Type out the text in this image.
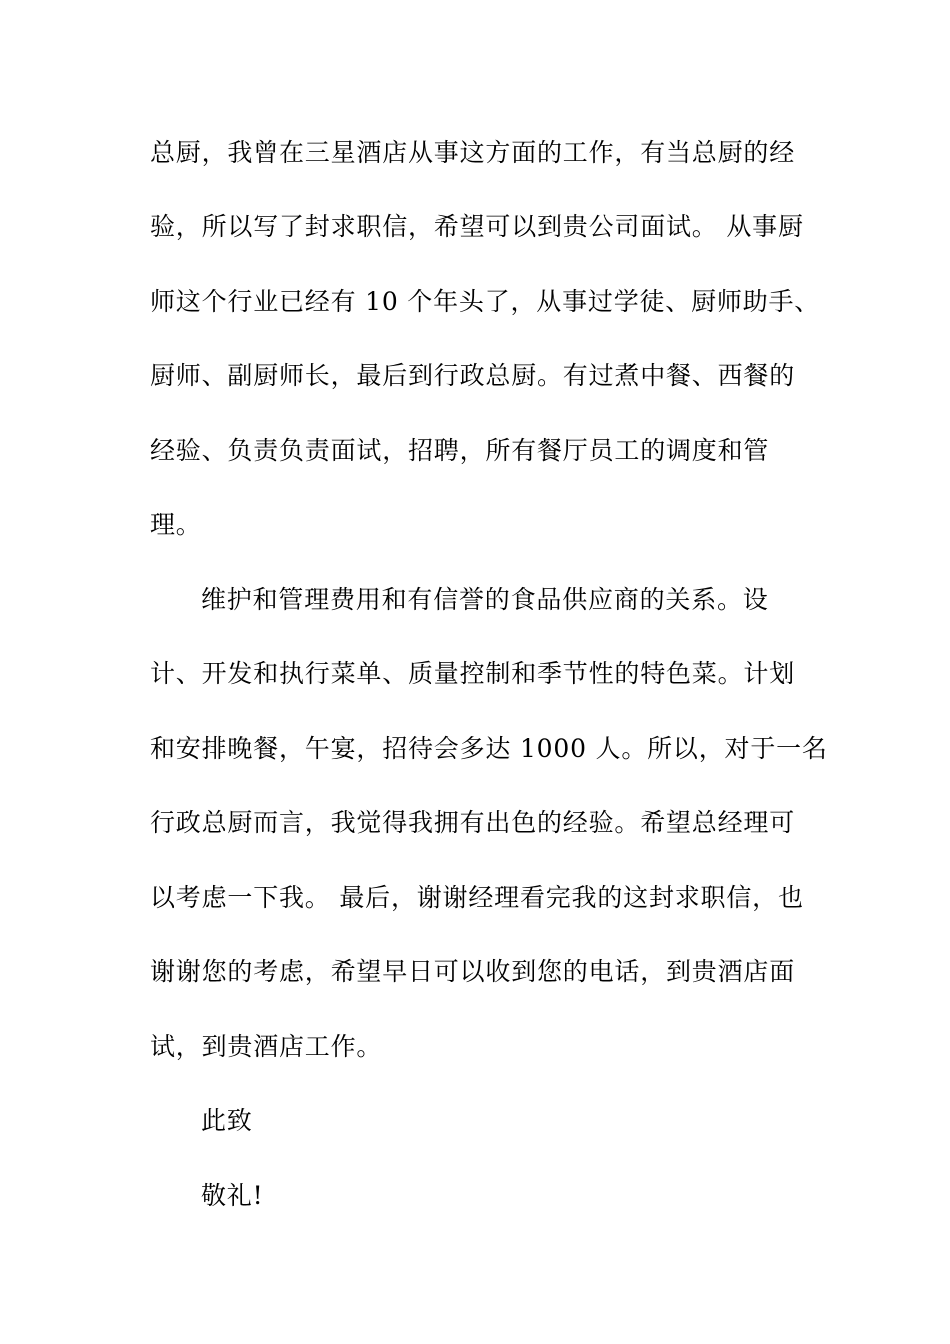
总厨，我曾在三星酒店从事这方面的工作，有当总厨的经
验，所以写了封求职信，希望可以到贵公司面试。 从事厨
师这个行业已经有 10 个年头了，从事过学徒、厨师助手、
厨师、副厨师长，最后到行政总厨。有过煮中餐、西餐的
经验、负责负责面试，招聘，所有餐厅员工的调度和管
理。
维护和管理费用和有信誉的食品供应商的关系。设
计、开发和执行菜单、质量控制和季节性的特色菜。计划
和安排晚餐，午宴，招待会多达 1000 人。所以，对于一名
行政总厨而言，我觉得我拥有出色的经验。希望总经理可
以考虑一下我。 最后，谢谢经理看完我的这封求职信，也
谢谢您的考虑，希望早日可以收到您的电话，到贵酒店面
试，到贵酒店工作。
此致
敬礼!
